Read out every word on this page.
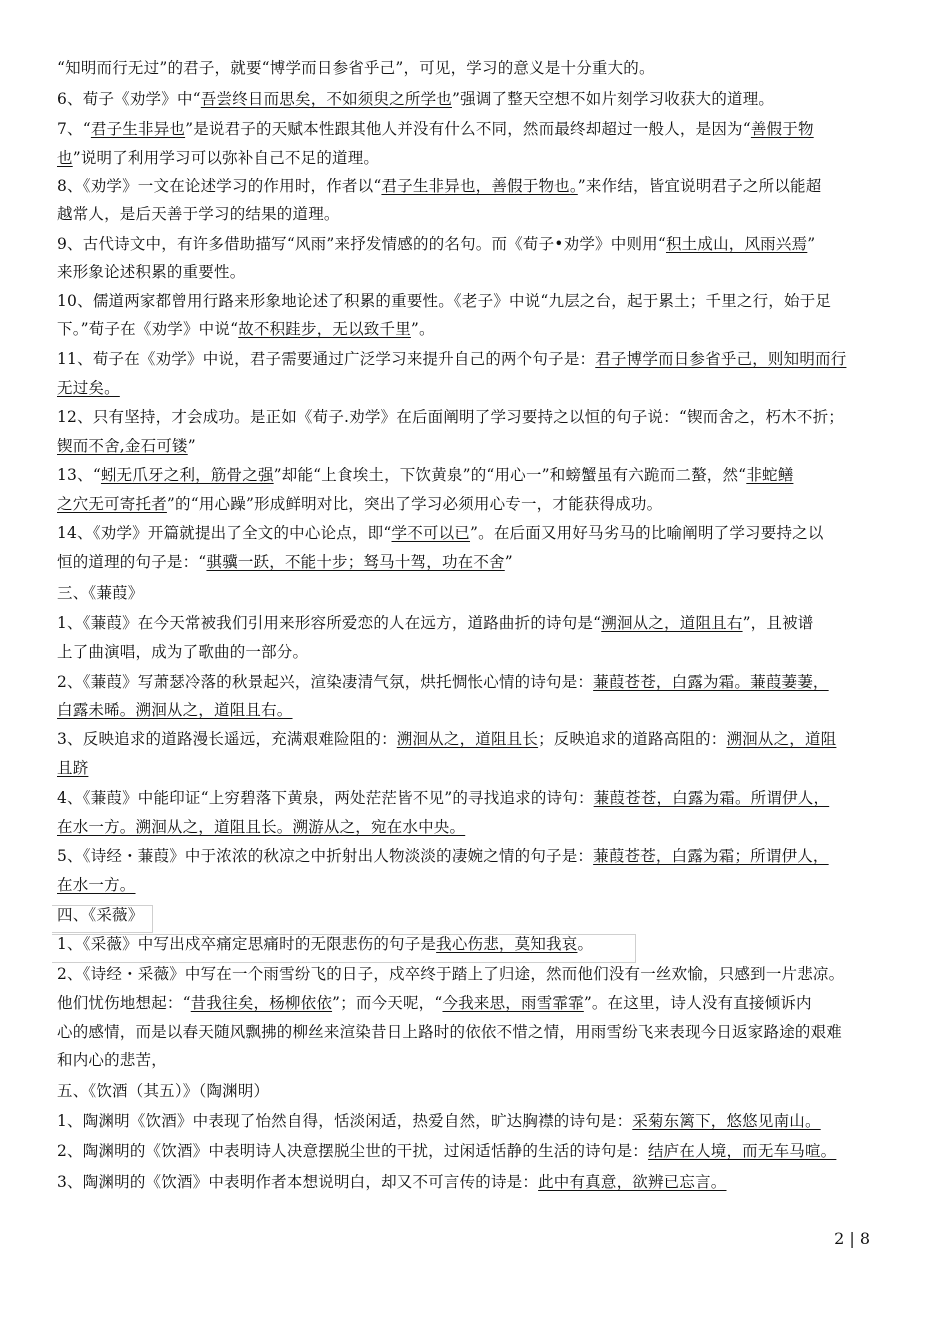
“知明而行无过”的君子，就要“博学而日参省乎己”，可见，学习的意义是十分重大的。
6、荀子《劝学》中“吾尝终日而思矣，不如须臾之所学也”强调了整天空想不如片刻学习收获大的道理。
7、“君子生非异也”是说君子的天赋本性跟其他人并没有什么不同，然而最终却超过一般人，是因为“善假于物
也”说明了利用学习可以弥补自己不足的道理。
8、《劝学》一文在论述学习的作用时，作者以“君子生非异也，善假于物也。”来作结，皆宜说明君子之所以能超
越常人，是后天善于学习的结果的道理。
9、古代诗文中，有许多借助描写“风雨”来抒发情感的的名句。而《荀子•劝学》中则用“积土成山，风雨兴焉”
来形象论述积累的重要性。
10、儒道两家都曾用行路来形象地论述了积累的重要性。《老子》中说“九层之台，起于累土；千里之行，始于足
下。”荀子在《劝学》中说“故不积跬步，无以致千里”。
11、荀子在《劝学》中说，君子需要通过广泛学习来提升自己的两个句子是：君子博学而日参省乎己，则知明而行
无过矣。
12、只有坚持，才会成功。是正如《荀子.劝学》在后面阐明了学习要持之以恒的句子说：“锲而舍之，朽木不折；
锲而不舍,金石可镂”
13、“蚓无爪牙之利，筋骨之强”却能“上食埃土，下饮黄泉”的“用心一”和螃蟹虽有六跪而二螯，然“非蛇鳝
之穴无可寄托者”的“用心躁”形成鲜明对比，突出了学习必须用心专一，才能获得成功。
14、《劝学》开篇就提出了全文的中心论点，即“学不可以已”。在后面又用好马劣马的比喻阐明了学习要持之以
恒的道理的句子是：“骐骥一跃，不能十步；驽马十驾，功在不舍”
三、《蒹葭》
1、《蒹葭》在今天常被我们引用来形容所爱恋的人在远方，道路曲折的诗句是“溯洄从之，道阻且右”，且被谱
上了曲演唱，成为了歌曲的一部分。
2、《蒹葭》写萧瑟冷落的秋景起兴，渲染凄清气氛，烘托惆怅心情的诗句是：蒹葭苍苍，白露为霜。蒹葭萋萋，
白露未晞。溯洄从之，道阻且右。
3、反映追求的道路漫长遥远，充满艰难险阻的：溯洄从之，道阻且长；反映追求的道路高阻的：溯洄从之，道阻
且跻
4、《蒹葭》中能印证“上穷碧落下黄泉，两处茫茫皆不见”的寻找追求的诗句：蒹葭苍苍，白露为霜。所谓伊人，
在水一方。溯洄从之，道阻且长。溯游从之，宛在水中央。
5、《诗经・蒹葭》中于浓浓的秋凉之中折射出人物淡淡的凄婉之情的句子是：蒹葭苍苍，白露为霜；所谓伊人，
在水一方。
四、《采薇》
1、《采薇》中写出戍卒痛定思痛时的无限悲伤的句子是我心伤悲，莫知我哀。
2、《诗经・采薇》中写在一个雨雪纷飞的日子，戍卒终于踏上了归途，然而他们没有一丝欢愉，只感到一片悲凉。
他们忧伤地想起：“昔我往矣，杨柳依依”；而今天呢，“今我来思，雨雪霏霏”。在这里，诗人没有直接倾诉内
心的感情，而是以春天随风飘拂的柳丝来渲染昔日上路时的依依不惜之情，用雨雪纷飞来表现今日返家路途的艰难
和内心的悲苦，
五、《饮酒（其五）》（陶渊明）
1、陶渊明《饮酒》中表现了怡然自得，恬淡闲适，热爱自然，旷达胸襟的诗句是：采菊东篱下，悠悠见南山。
2、陶渊明的《饮酒》中表明诗人决意摆脱尘世的干扰，过闲适恬静的生活的诗句是：结庐在人境，而无车马喧。
3、陶渊明的《饮酒》中表明作者本想说明白，却又不可言传的诗是：此中有真意，欲辨已忘言。
2 | 8
